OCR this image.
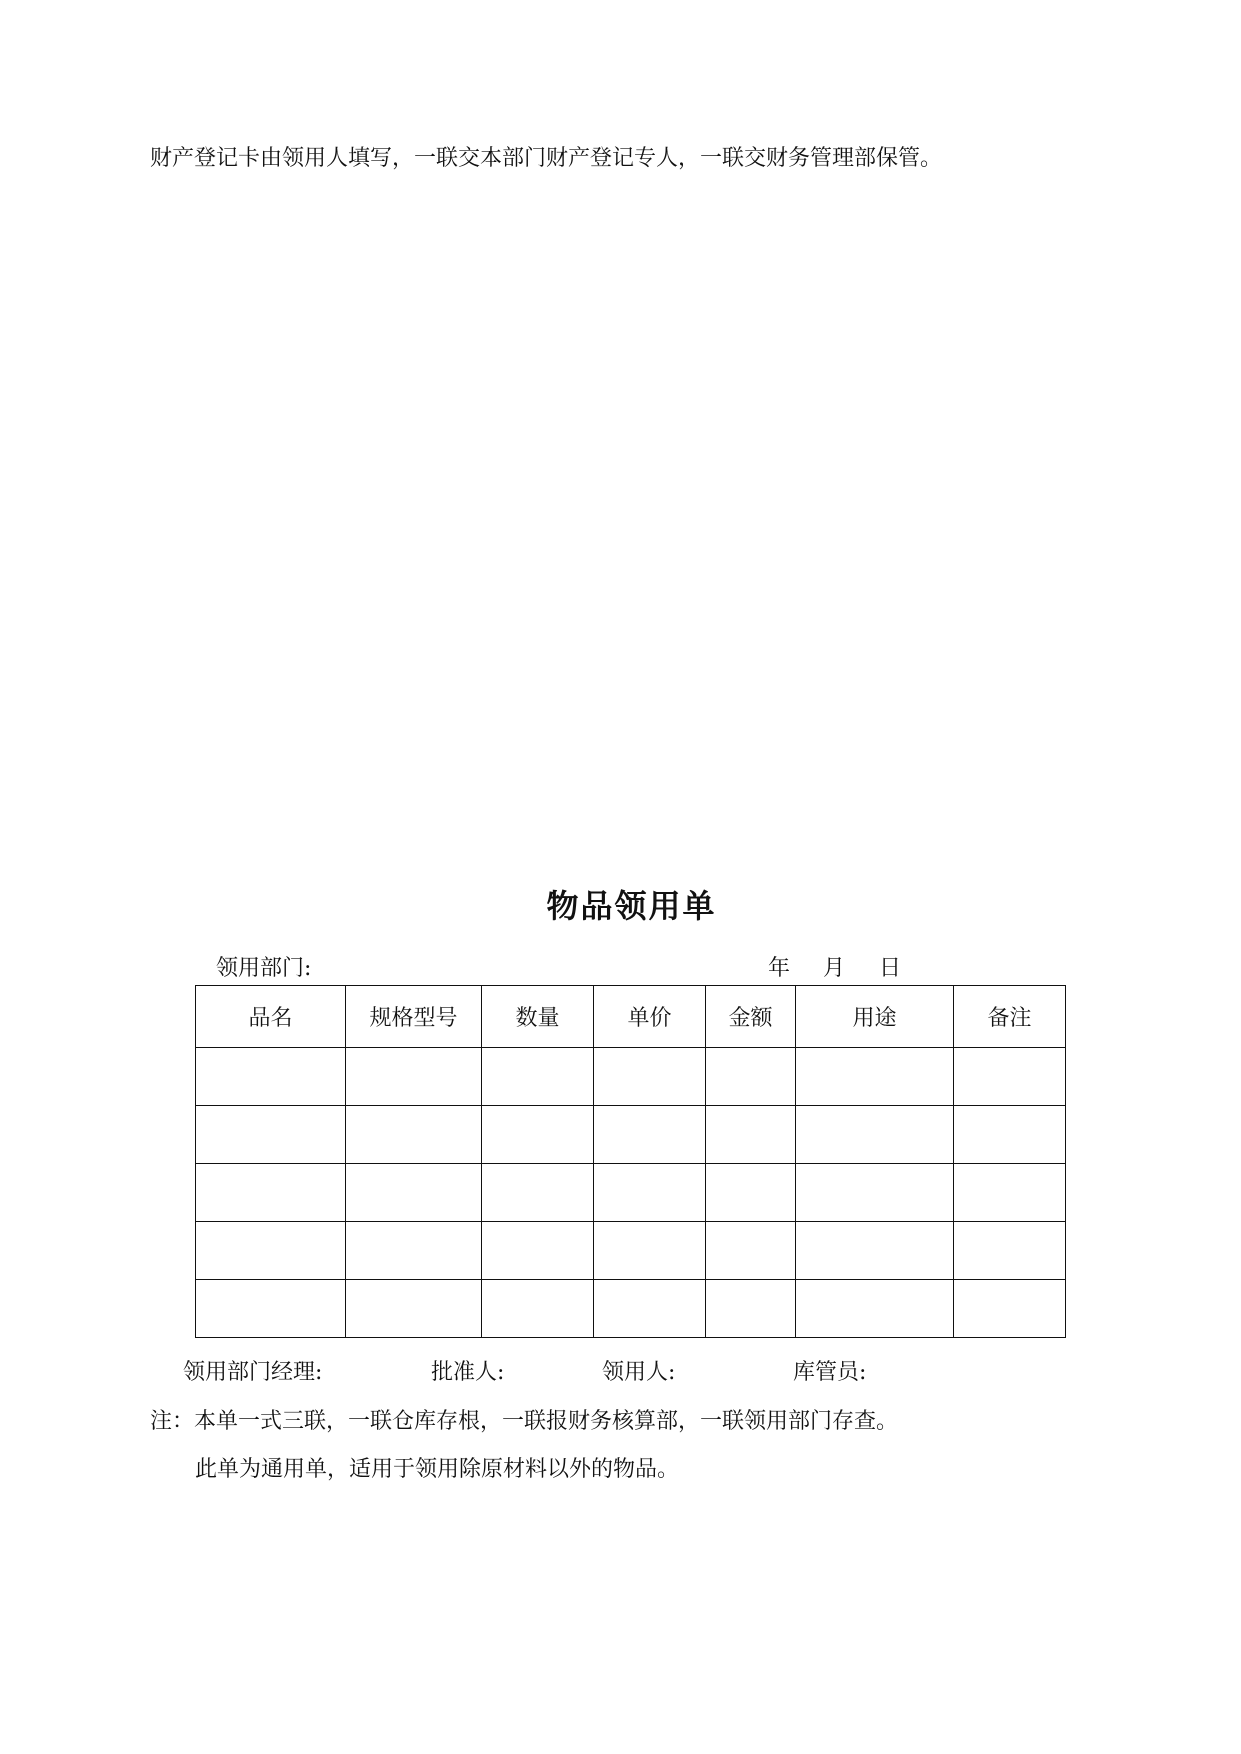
财产登记卡由领用人填写，一联交本部门财产登记专人，一联交财务管理部保管。
物品领用单
领用部门:	年 月 日
品名	规格型号	数量	单价	金额	用途	备注

领用部门经理:	批准人:	领用人:	库管员:
注：本单一式三联，一联仓库存根，一联报财务核算部，一联领用部门存查。
此单为通用单，适用于领用除原材料以外的物品。
